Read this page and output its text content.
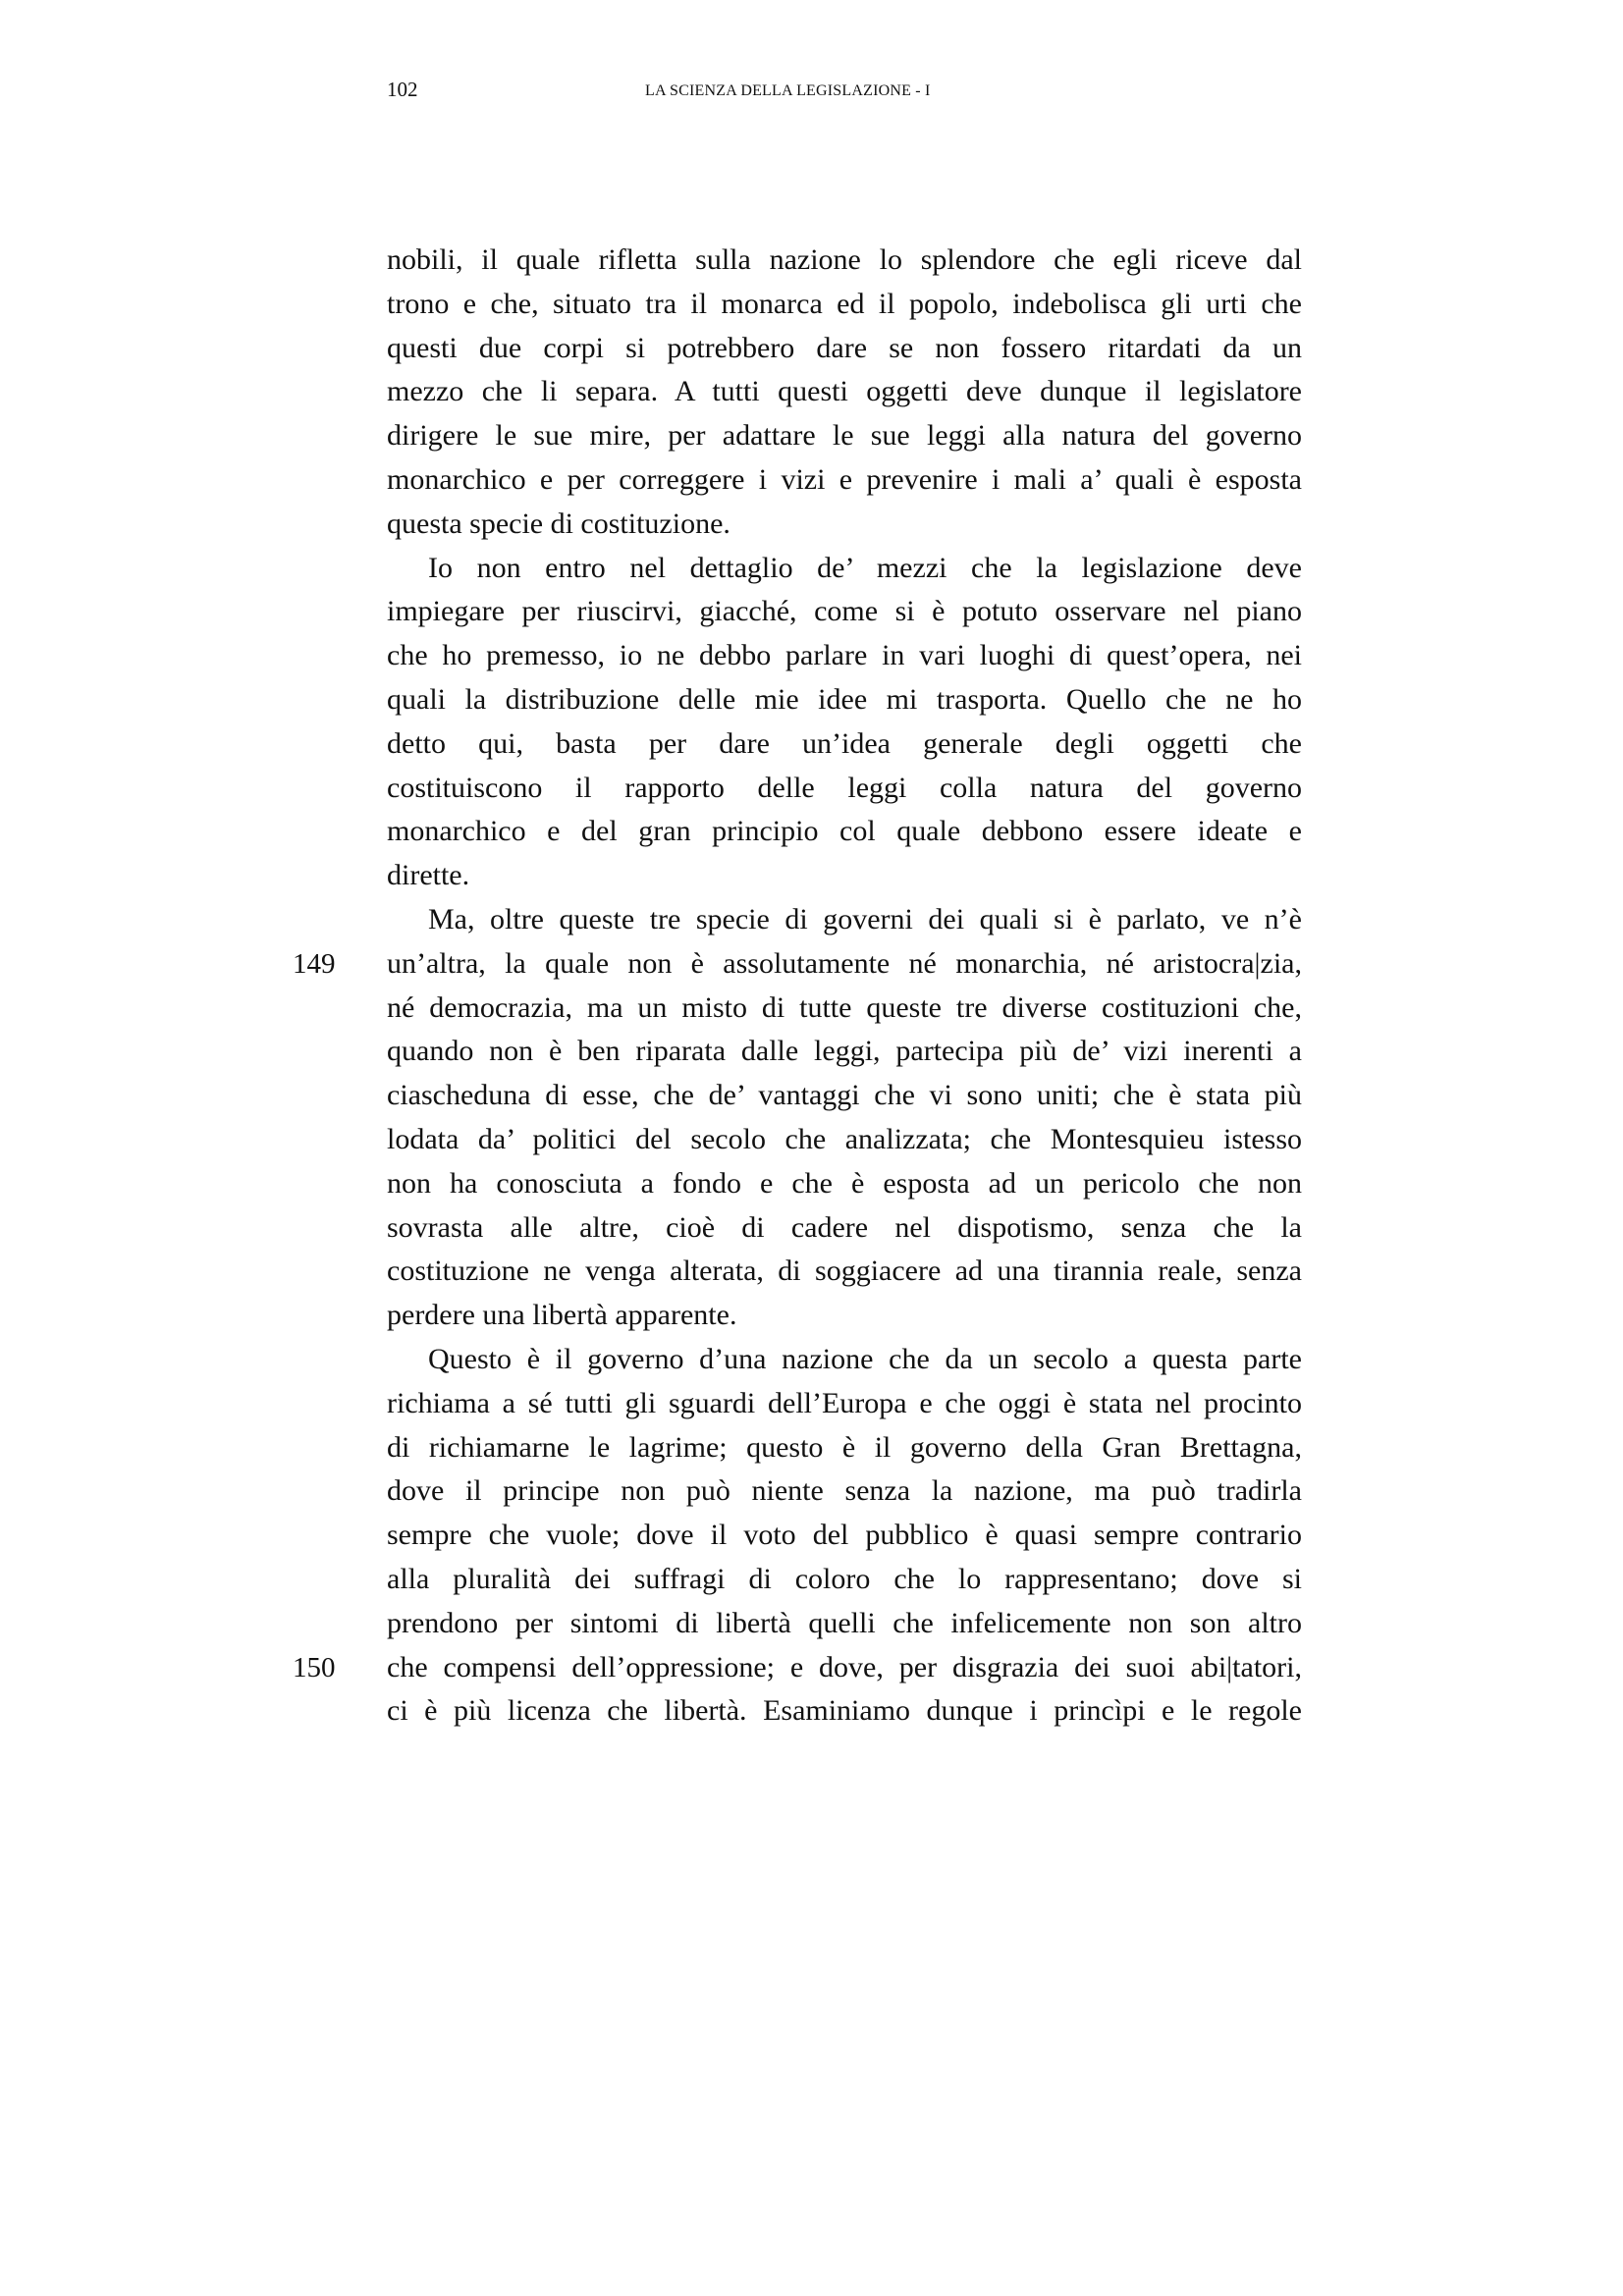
102	LA SCIENZA DELLA LEGISLAZIONE - I
149
150
nobili, il quale rifletta sulla nazione lo splendore che egli riceve dal
trono e che, situato tra il monarca ed il popolo, indebolisca gli urti che
questi due corpi si potrebbero dare se non fossero ritardati da un
mezzo che li separa. A tutti questi oggetti deve dunque il legislatore
dirigere le sue mire, per adattare le sue leggi alla natura del governo
monarchico e per correggere i vizi e prevenire i mali a’ quali è esposta
questa specie di costituzione.
Io non entro nel dettaglio de’ mezzi che la legislazione deve
impiegare per riuscirvi, giacché, come si è potuto osservare nel piano
che ho premesso, io ne debbo parlare in vari luoghi di quest’opera, nei
quali la distribuzione delle mie idee mi trasporta. Quello che ne ho
detto qui, basta per dare un’idea generale degli oggetti che
costituiscono il rapporto delle leggi colla natura del governo
monarchico e del gran principio col quale debbono essere ideate e
dirette.
Ma, oltre queste tre specie di governi dei quali si è parlato, ve n’è
un’altra, la quale non è assolutamente né monarchia, né aristocra|zia,
né democrazia, ma un misto di tutte queste tre diverse costituzioni che,
quando non è ben riparata dalle leggi, partecipa più de’ vizi inerenti a
ciascheduna di esse, che de’ vantaggi che vi sono uniti; che è stata più
lodata da’ politici del secolo che analizzata; che Montesquieu istesso
non ha conosciuta a fondo e che è esposta ad un pericolo che non
sovrasta alle altre, cioè di cadere nel dispotismo, senza che la
costituzione ne venga alterata, di soggiacere ad una tirannia reale, senza
perdere una libertà apparente.
Questo è il governo d’una nazione che da un secolo a questa parte
richiama a sé tutti gli sguardi dell’Europa e che oggi è stata nel procinto
di richiamarne le lagrime; questo è il governo della Gran Brettagna,
dove il principe non può niente senza la nazione, ma può tradirla
sempre che vuole; dove il voto del pubblico è quasi sempre contrario
alla pluralità dei suffragi di coloro che lo rappresentano; dove si
prendono per sintomi di libertà quelli che infelicemente non son altro
che compensi dell’oppressione; e dove, per disgrazia dei suoi abi|tatori,
ci è più licenza che libertà. Esaminiamo dunque i princìpi e le regole
